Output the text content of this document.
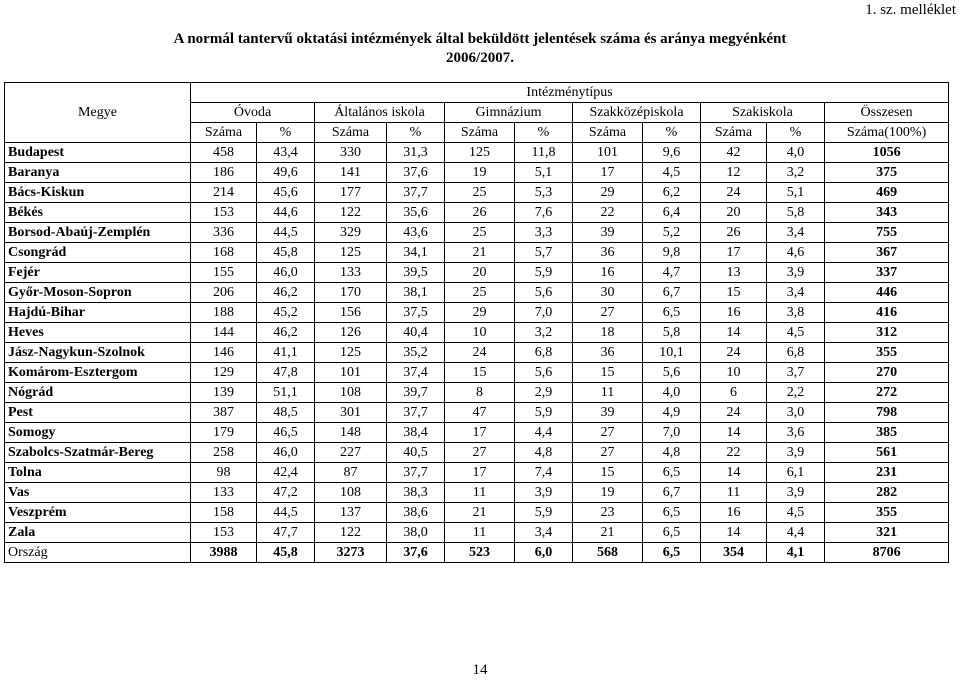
1. sz. melléklet
A normál tantervű oktatási intézmények által beküldött jelentések száma és aránya megyénként
2006/2007.
Megye	Intézménytípus										
	Óvoda		Általános iskola		Gimnázium		Szakközépiskola		Szakiskola		Összesen
	Száma	%	Száma	%	Száma	%	Száma	%	Száma	%	Száma(100%)
Budapest	458	43,4	330	31,3	125	11,8	101	9,6	42	4,0	1056
Baranya	186	49,6	141	37,6	19	5,1	17	4,5	12	3,2	375
Bács-Kiskun	214	45,6	177	37,7	25	5,3	29	6,2	24	5,1	469
Békés	153	44,6	122	35,6	26	7,6	22	6,4	20	5,8	343
Borsod-Abaúj-Zemplén	336	44,5	329	43,6	25	3,3	39	5,2	26	3,4	755
Csongrád	168	45,8	125	34,1	21	5,7	36	9,8	17	4,6	367
Fejér	155	46,0	133	39,5	20	5,9	16	4,7	13	3,9	337
Győr-Moson-Sopron	206	46,2	170	38,1	25	5,6	30	6,7	15	3,4	446
Hajdú-Bihar	188	45,2	156	37,5	29	7,0	27	6,5	16	3,8	416
Heves	144	46,2	126	40,4	10	3,2	18	5,8	14	4,5	312
Jász-Nagykun-Szolnok	146	41,1	125	35,2	24	6,8	36	10,1	24	6,8	355
Komárom-Esztergom	129	47,8	101	37,4	15	5,6	15	5,6	10	3,7	270
Nógrád	139	51,1	108	39,7	8	2,9	11	4,0	6	2,2	272
Pest	387	48,5	301	37,7	47	5,9	39	4,9	24	3,0	798
Somogy	179	46,5	148	38,4	17	4,4	27	7,0	14	3,6	385
Szabolcs-Szatmár-Bereg	258	46,0	227	40,5	27	4,8	27	4,8	22	3,9	561
Tolna	98	42,4	87	37,7	17	7,4	15	6,5	14	6,1	231
Vas	133	47,2	108	38,3	11	3,9	19	6,7	11	3,9	282
Veszprém	158	44,5	137	38,6	21	5,9	23	6,5	16	4,5	355
Zala	153	47,7	122	38,0	11	3,4	21	6,5	14	4,4	321
Ország	3988	45,8	3273	37,6	523	6,0	568	6,5	354	4,1	8706
14
